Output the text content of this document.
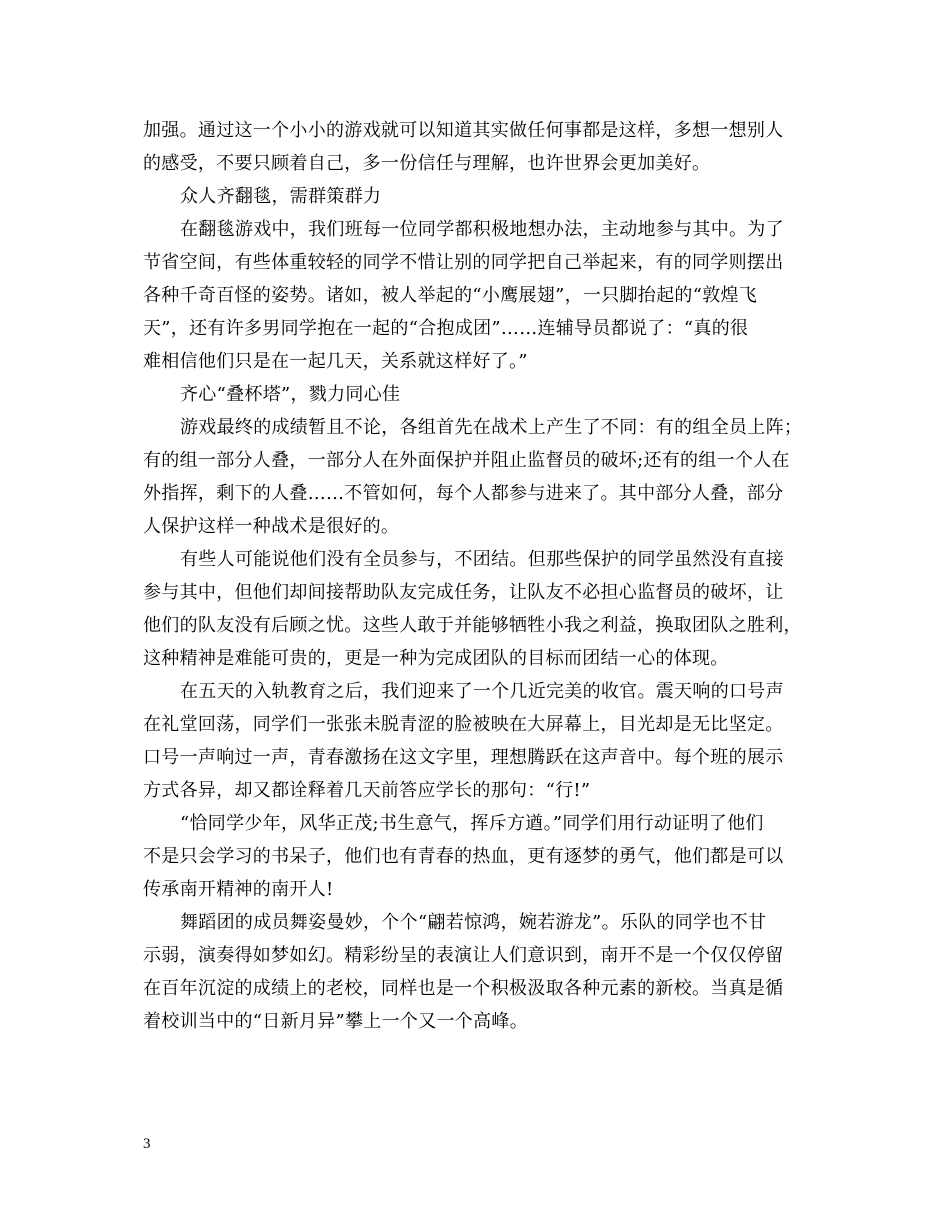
加强。通过这一个小小的游戏就可以知道其实做任何事都是这样，多想一想别人
的感受，不要只顾着自己，多一份信任与理解，也许世界会更加美好。
众人齐翻毯，需群策群力
在翻毯游戏中，我们班每一位同学都积极地想办法，主动地参与其中。为了
节省空间，有些体重较轻的同学不惜让别的同学把自己举起来，有的同学则摆出
各种千奇百怪的姿势。诸如，被人举起的“小鹰展翅”，一只脚抬起的“敦煌飞
天”，还有许多男同学抱在一起的“合抱成团”……连辅导员都说了：“真的很
难相信他们只是在一起几天，关系就这样好了。”
齐心“叠杯塔”，戮力同心佳
游戏最终的成绩暂且不论，各组首先在战术上产生了不同：有的组全员上阵；
有的组一部分人叠，一部分人在外面保护并阻止监督员的破坏;还有的组一个人在
外指挥，剩下的人叠……不管如何，每个人都参与进来了。其中部分人叠，部分
人保护这样一种战术是很好的。
有些人可能说他们没有全员参与，不团结。但那些保护的同学虽然没有直接
参与其中，但他们却间接帮助队友完成任务，让队友不必担心监督员的破坏，让
他们的队友没有后顾之忧。这些人敢于并能够牺牲小我之利益，换取团队之胜利，
这种精神是难能可贵的，更是一种为完成团队的目标而团结一心的体现。
在五天的入轨教育之后，我们迎来了一个几近完美的收官。震天响的口号声
在礼堂回荡，同学们一张张未脱青涩的脸被映在大屏幕上，目光却是无比坚定。
口号一声响过一声，青春激扬在这文字里，理想腾跃在这声音中。每个班的展示
方式各异，却又都诠释着几天前答应学长的那句：“行!”
“恰同学少年，风华正茂;书生意气，挥斥方遒。”同学们用行动证明了他们
不是只会学习的书呆子，他们也有青春的热血，更有逐梦的勇气，他们都是可以
传承南开精神的南开人!
舞蹈团的成员舞姿曼妙，个个“翩若惊鸿，婉若游龙”。乐队的同学也不甘
示弱，演奏得如梦如幻。精彩纷呈的表演让人们意识到，南开不是一个仅仅停留
在百年沉淀的成绩上的老校，同样也是一个积极汲取各种元素的新校。当真是循
着校训当中的“日新月异”攀上一个又一个高峰。
3
